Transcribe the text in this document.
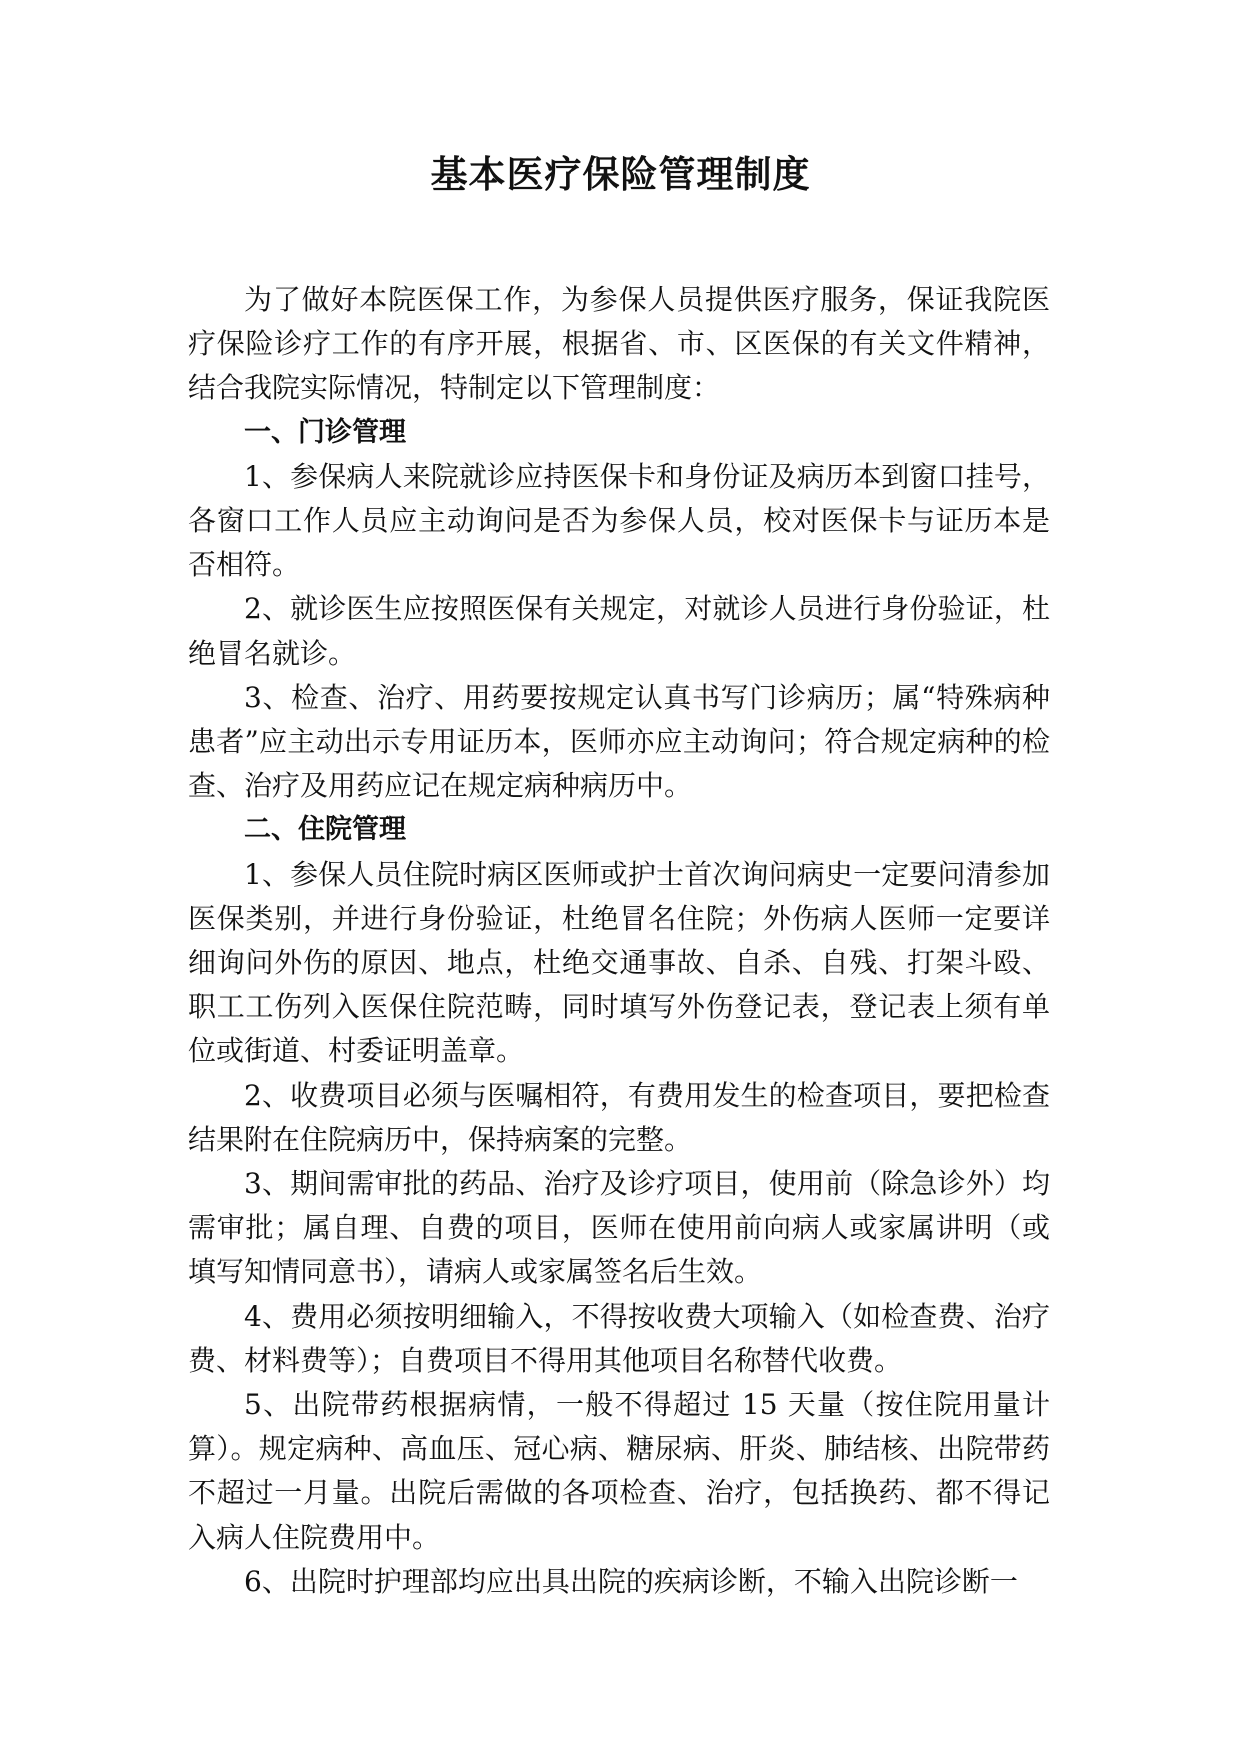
基本医疗保险管理制度

为了做好本院医保工作，为参保人员提供医疗服务，保证我院医疗保险诊疗工作的有序开展，根据省、市、区医保的有关文件精神，结合我院实际情况，特制定以下管理制度：

一、门诊管理

1、参保病人来院就诊应持医保卡和身份证及病历本到窗口挂号，各窗口工作人员应主动询问是否为参保人员，校对医保卡与证历本是否相符。

2、就诊医生应按照医保有关规定，对就诊人员进行身份验证，杜绝冒名就诊。

3、检查、治疗、用药要按规定认真书写门诊病历；属“特殊病种患者”应主动出示专用证历本，医师亦应主动询问；符合规定病种的检查、治疗及用药应记在规定病种病历中。

二、住院管理

1、参保人员住院时病区医师或护士首次询问病史一定要问清参加医保类别，并进行身份验证，杜绝冒名住院；外伤病人医师一定要详细询问外伤的原因、地点，杜绝交通事故、自杀、自残、打架斗殴、职工工伤列入医保住院范畴，同时填写外伤登记表，登记表上须有单位或街道、村委证明盖章。

2、收费项目必须与医嘱相符，有费用发生的检查项目，要把检查结果附在住院病历中，保持病案的完整。

3、期间需审批的药品、治疗及诊疗项目，使用前（除急诊外）均需审批；属自理、自费的项目，医师在使用前向病人或家属讲明（或填写知情同意书），请病人或家属签名后生效。

4、费用必须按明细输入，不得按收费大项输入（如检查费、治疗费、材料费等）；自费项目不得用其他项目名称替代收费。

5、出院带药根据病情，一般不得超过 15 天量（按住院用量计算）。规定病种、高血压、冠心病、糖尿病、肝炎、肺结核、出院带药不超过一月量。出院后需做的各项检查、治疗，包括换药、都不得记入病人住院费用中。

6、出院时护理部均应出具出院的疾病诊断，不输入出院诊断一
